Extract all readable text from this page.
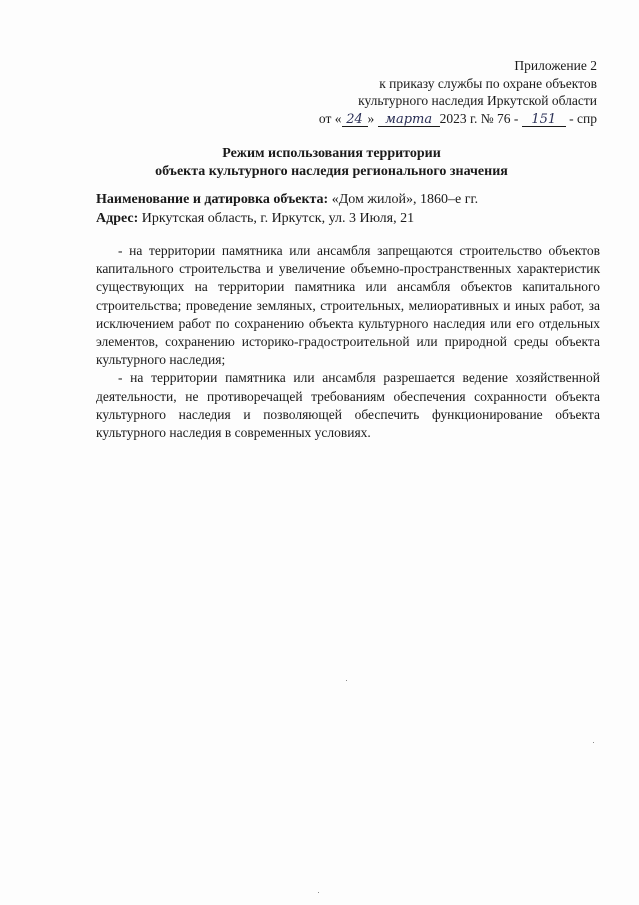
Приложение 2
к приказу службы по охране объектов
культурного наследия Иркутской области
от « 24 » марта 2023 г. № 76 - 151 - спр
Режим использования территории
объекта культурного наследия регионального значения
Наименование и датировка объекта: «Дом жилой», 1860–е гг.
Адрес: Иркутская область, г. Иркутск, ул. 3 Июля, 21

- на территории памятника или ансамбля запрещаются строительство объектов капитального строительства и увеличение объемно-пространственных характеристик существующих на территории памятника или ансамбля объектов капитального строительства; проведение земляных, строительных, мелиоративных и иных работ, за исключением работ по сохранению объекта культурного наследия или его отдельных элементов, сохранению историко-градостроительной или природной среды объекта культурного наследия;

- на территории памятника или ансамбля разрешается ведение хозяйственной деятельности, не противоречащей требованиям обеспечения сохранности объекта культурного наследия и позволяющей обеспечить функционирование объекта культурного наследия в современных условиях.
